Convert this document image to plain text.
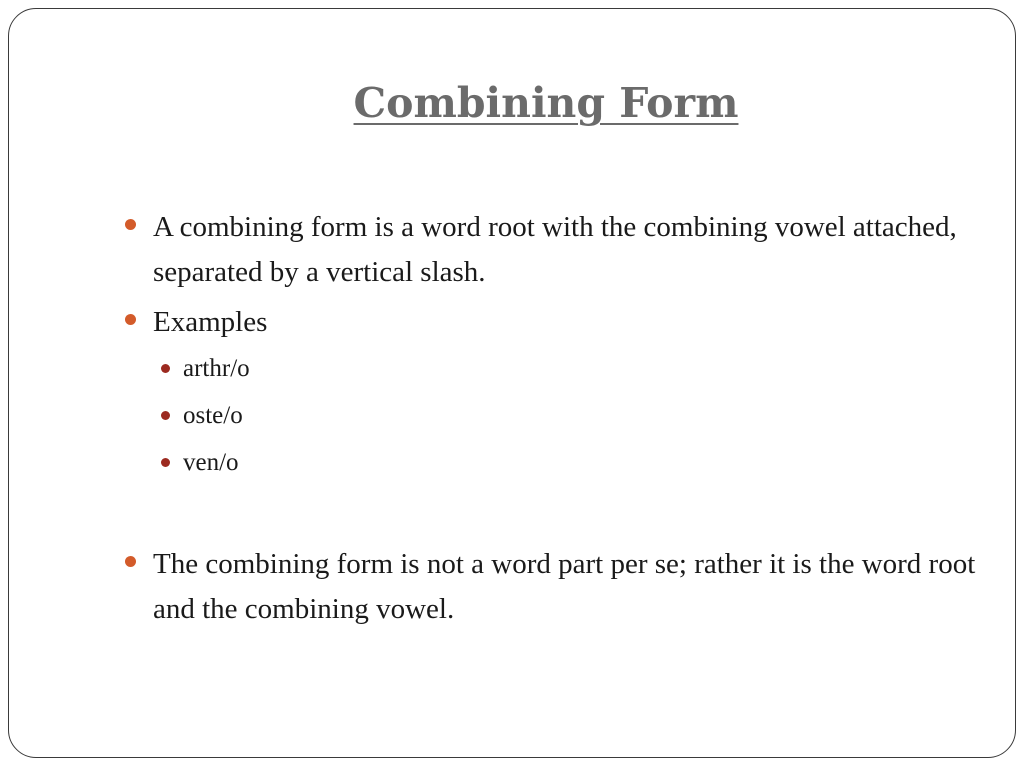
Combining Form
A combining form is a word root with the combining vowel attached, separated by a vertical slash.
Examples
arthr/o
oste/o
ven/o
The combining form is not a word part per se; rather it is the word root and the combining vowel.
